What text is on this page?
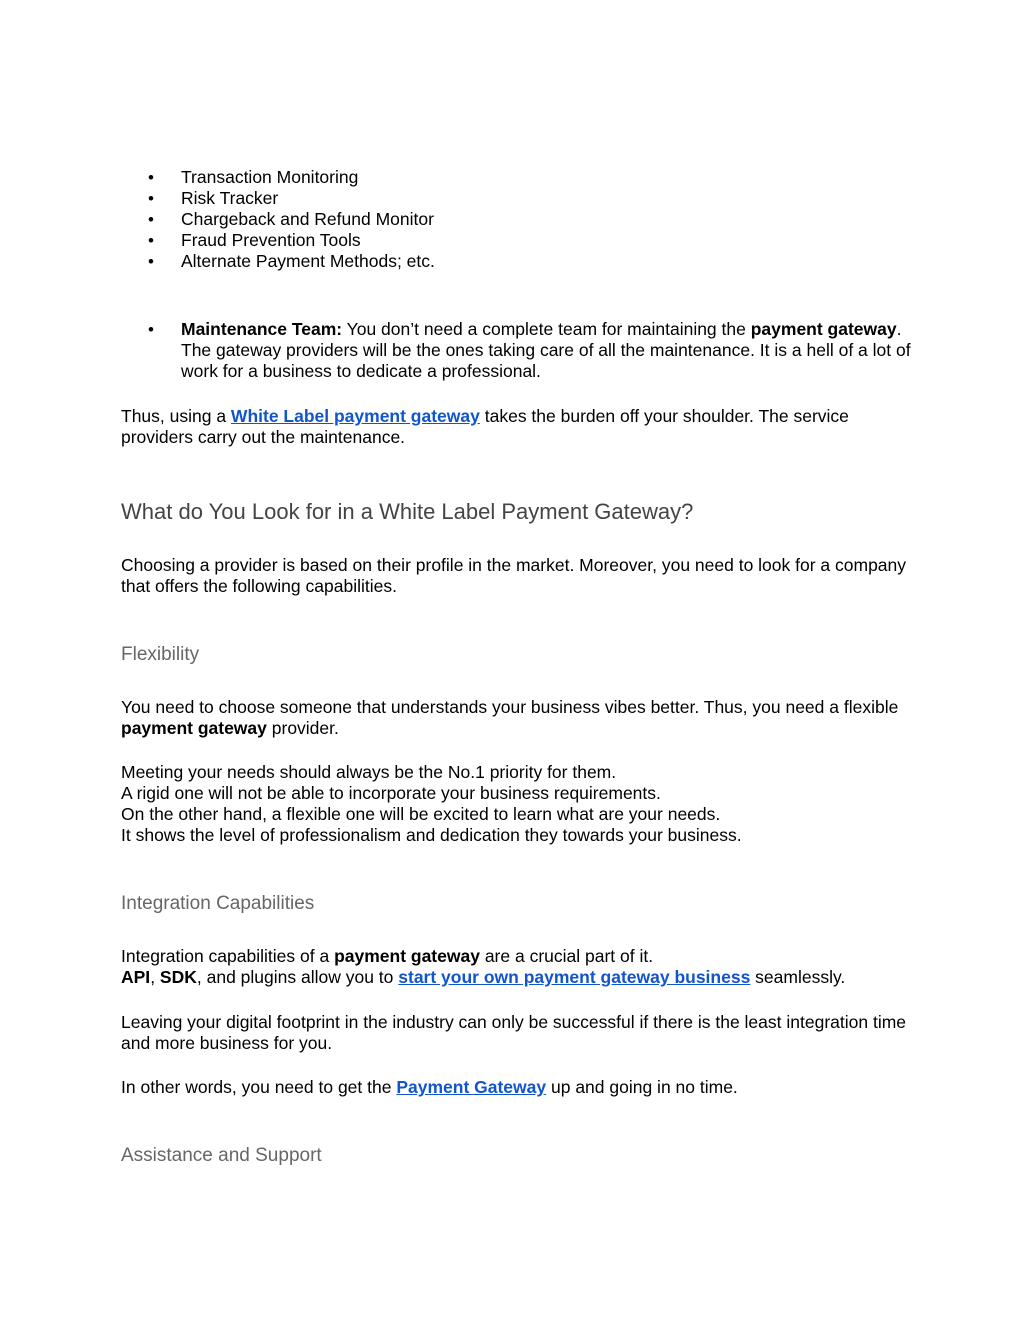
• Transaction Monitoring
• Risk Tracker
• Chargeback and Refund Monitor
• Fraud Prevention Tools
• Alternate Payment Methods; etc.
• Maintenance Team: You don’t need a complete team for maintaining the payment gateway. The gateway providers will be the ones taking care of all the maintenance. It is a hell of a lot of work for a business to dedicate a professional.

Thus, using a White Label payment gateway takes the burden off your shoulder. The service providers carry out the maintenance.

What do You Look for in a White Label Payment Gateway?

Choosing a provider is based on their profile in the market. Moreover, you need to look for a company that offers the following capabilities.

Flexibility

You need to choose someone that understands your business vibes better. Thus, you need a flexible payment gateway provider.

Meeting your needs should always be the No.1 priority for them.
A rigid one will not be able to incorporate your business requirements.
On the other hand, a flexible one will be excited to learn what are your needs.
It shows the level of professionalism and dedication they towards your business.

Integration Capabilities

Integration capabilities of a payment gateway are a crucial part of it.
API, SDK, and plugins allow you to start your own payment gateway business seamlessly.

Leaving your digital footprint in the industry can only be successful if there is the least integration time and more business for you.

In other words, you need to get the Payment Gateway up and going in no time.

Assistance and Support
